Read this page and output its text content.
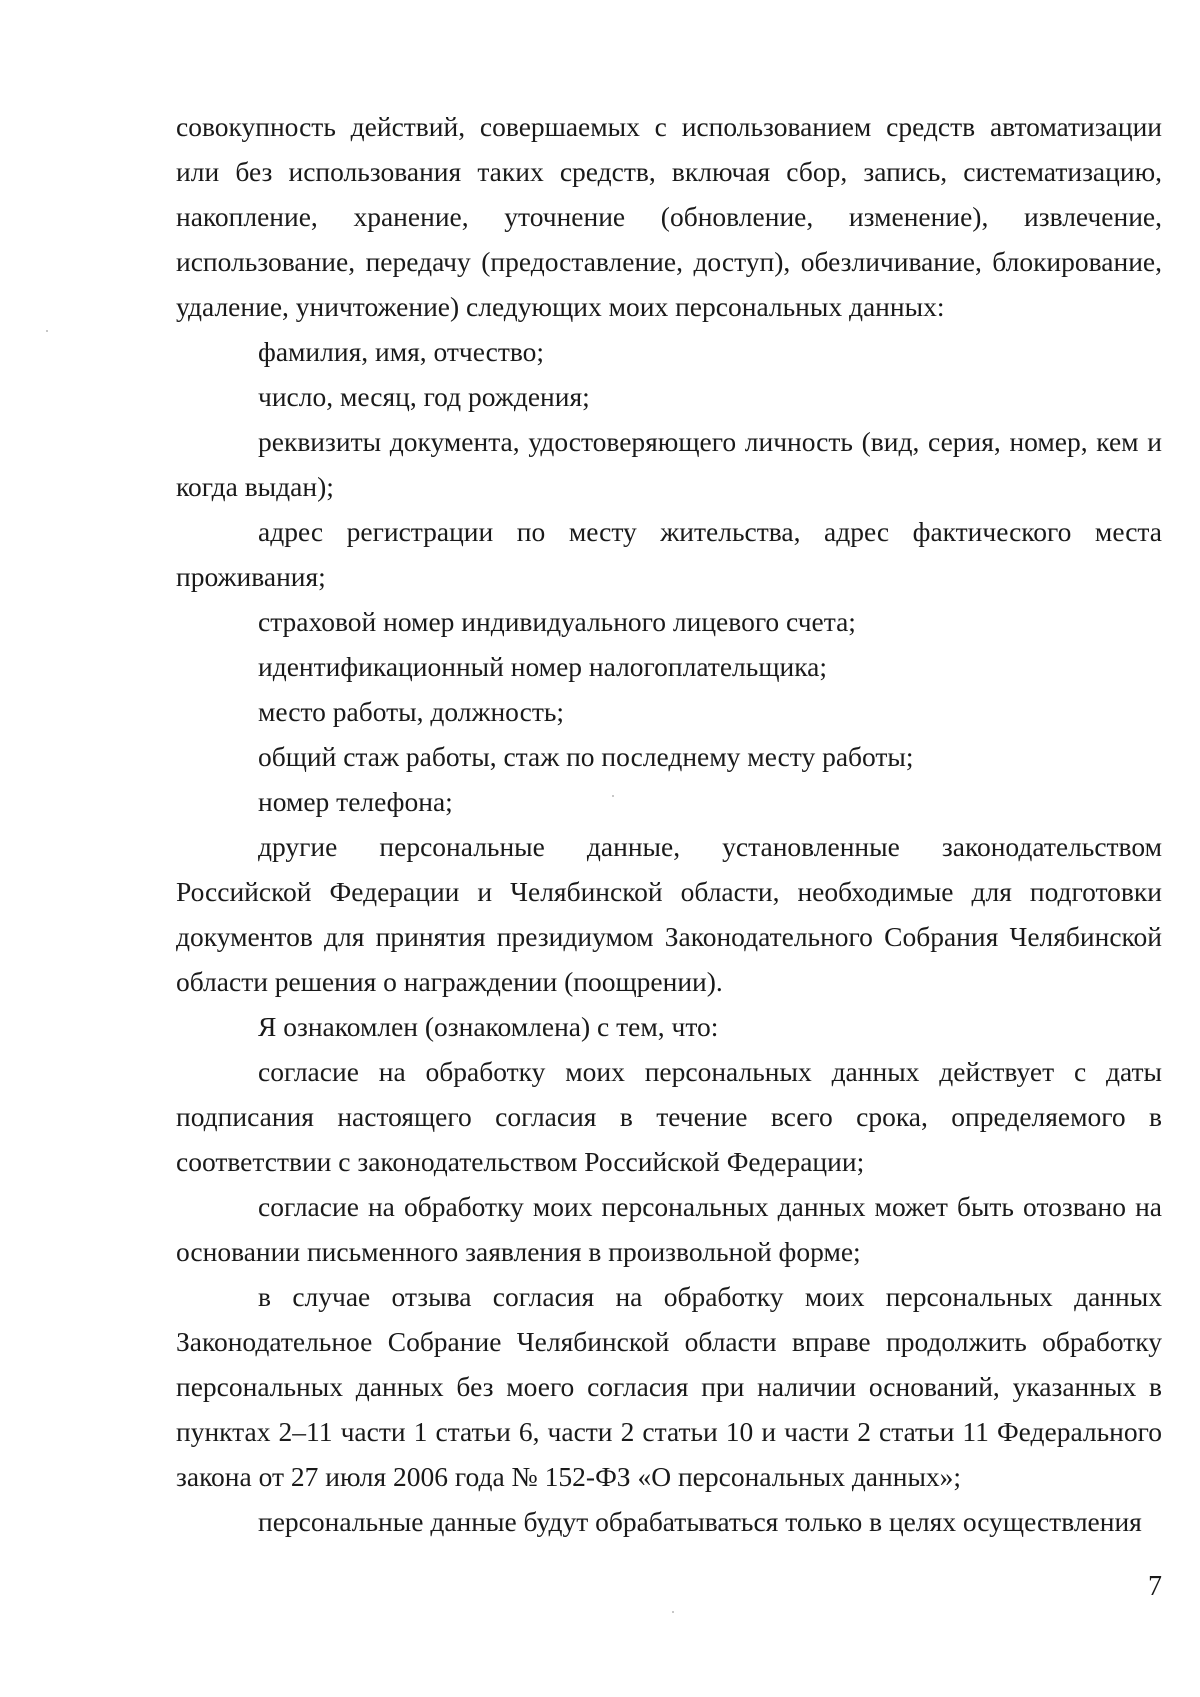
совокупность действий, совершаемых с использованием средств автоматизации или без использования таких средств, включая сбор, запись, систематизацию, накопление, хранение, уточнение (обновление, изменение), извлечение, использование, передачу (предоставление, доступ), обезличивание, блокирование, удаление, уничтожение) следующих моих персональных данных:

фамилия, имя, отчество;

число, месяц, год рождения;

реквизиты документа, удостоверяющего личность (вид, серия, номер, кем и когда выдан);

адрес регистрации по месту жительства, адрес фактического места проживания;

страховой номер индивидуального лицевого счета;

идентификационный номер налогоплательщика;

место работы, должность;

общий стаж работы, стаж по последнему месту работы;

номер телефона;

другие персональные данные, установленные законодательством Российской Федерации и Челябинской области, необходимые для подготовки документов для принятия президиумом Законодательного Собрания Челябинской области решения о награждении (поощрении).

Я ознакомлен (ознакомлена) с тем, что:

согласие на обработку моих персональных данных действует с даты подписания настоящего согласия в течение всего срока, определяемого в соответствии с законодательством Российской Федерации;

согласие на обработку моих персональных данных может быть отозвано на основании письменного заявления в произвольной форме;

в случае отзыва согласия на обработку моих персональных данных Законодательное Собрание Челябинской области вправе продолжить обработку персональных данных без моего согласия при наличии оснований, указанных в пунктах 2–11 части 1 статьи 6, части 2 статьи 10 и части 2 статьи 11 Федерального закона от 27 июля 2006 года № 152-ФЗ «О персональных данных»;

персональные данные будут обрабатываться только в целях осуществления

7
